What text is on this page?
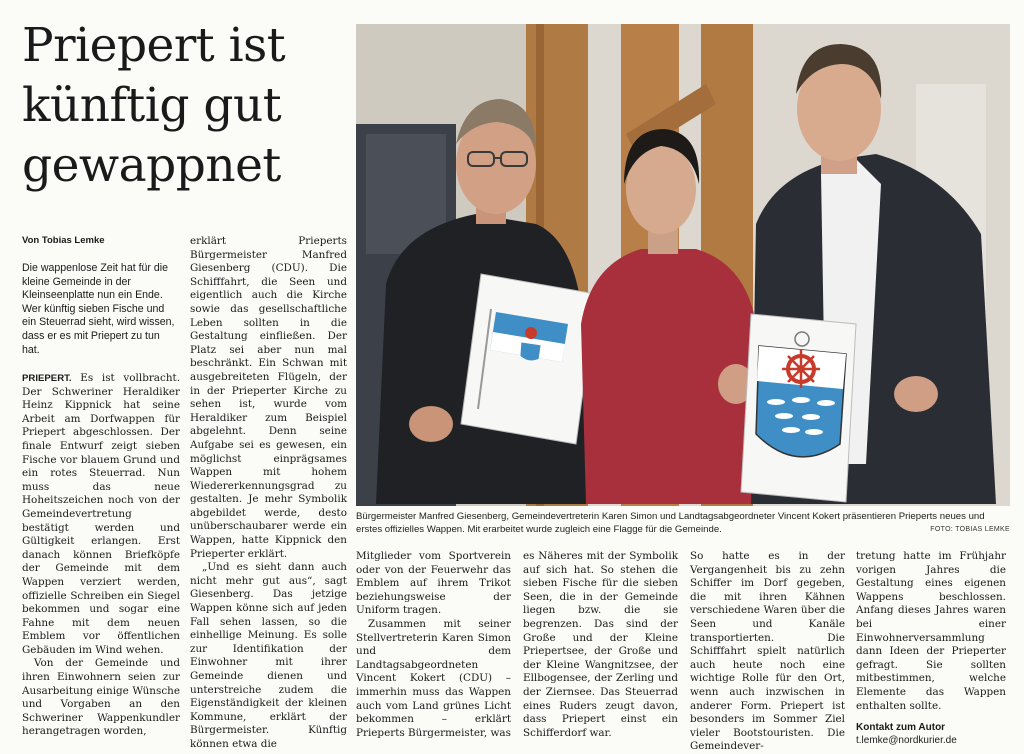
Priepert ist
künftig gut
gewappnet
Von Tobias Lemke
Die wappenlose Zeit hat für die kleine Gemeinde in der Kleinseenplatte nun ein Ende. Wer künftig sieben Fische und ein Steuerrad sieht, wird wissen, dass er es mit Priepert zu tun hat.

PRIEPERT. Es ist vollbracht. Der Schweriner Heraldiker Heinz Kippnick hat seine Arbeit am Dorfwappen für Priepert abgeschlossen. Der finale Entwurf zeigt sieben Fische vor blauem Grund und ein rotes Steuerrad. Nun muss das neue Hoheitszeichen noch von der Gemeindevertretung bestätigt werden und Gültigkeit erlangen. Erst danach können Briefköpfe der Gemeinde mit dem Wappen verziert werden, offizielle Schreiben ein Siegel bekommen und sogar eine Fahne mit dem neuen Emblem vor öffentlichen Gebäuden im Wind wehen.

Von der Gemeinde und ihren Einwohnern seien zur Ausarbeitung einige Wünsche und Vorgaben an den Schweriner Wappenkundler herangetragen worden,

erklärt Prieperts Bürgermeister Manfred Giesenberg (CDU). Die Schifffahrt, die Seen und eigentlich auch die Kirche sowie das gesellschaftliche Leben sollten in die Gestaltung einfließen. Der Platz sei aber nun mal beschränkt. Ein Schwan mit ausgebreiteten Flügeln, der in der Prieperter Kirche zu sehen ist, wurde vom Heraldiker zum Beispiel abgelehnt. Denn seine Aufgabe sei es gewesen, ein möglichst einprägsames Wappen mit hohem Wiedererkennungsgrad zu gestalten. Je mehr Symbolik abgebildet werde, desto unüberschaubarer werde ein Wappen, hatte Kippnick den Prieperter erklärt.

„Und es sieht dann auch nicht mehr gut aus“, sagt Giesenberg. Das jetzige Wappen könne sich auf jeden Fall sehen lassen, so die einhellige Meinung. Es solle zur Identifikation der Einwohner mit ihrer Gemeinde dienen und unterstreiche zudem die Eigenständigkeit der kleinen Kommune, erklärt der Bürgermeister. Künftig können etwa die

Bürgermeister Manfred Giesenberg, Gemeindevertreterin Karen Simon und Landtagsabgeordneter Vincent Kokert präsentieren Prieperts neues und erstes offizielles Wappen. Mit erarbeitet wurde zugleich eine Flagge für die Gemeinde.	FOTO: TOBIAS LEMKE

Mitglieder vom Sportverein oder von der Feuerwehr das Emblem auf ihrem Trikot beziehungsweise der Uniform tragen.

Zusammen mit seiner Stellvertreterin Karen Simon und dem Landtagsabgeordneten Vincent Kokert (CDU) – immerhin muss das Wappen auch vom Land grünes Licht bekommen – erklärt Prieperts Bürgermeister, was

es Näheres mit der Symbolik auf sich hat. So stehen die sieben Fische für die sieben Seen, die in der Gemeinde liegen bzw. die sie begrenzen. Das sind der Große und der Kleine Priepertsee, der Große und der Kleine Wangnitzsee, der Ellbogensee, der Zerling und der Ziernsee. Das Steuerrad eines Ruders zeugt davon, dass Priepert einst ein Schifferdorf war.

So hatte es in der Vergangenheit bis zu zehn Schiffer im Dorf gegeben, die mit ihren Kähnen verschiedene Waren über die Seen und Kanäle transportierten. Die Schifffahrt spielt natürlich auch heute noch eine wichtige Rolle für den Ort, wenn auch inzwischen in anderer Form. Priepert ist besonders im Sommer Ziel vieler Bootstouristen. Die Gemeindever-

tretung hatte im Frühjahr vorigen Jahres die Gestaltung eines eigenen Wappens beschlossen. Anfang dieses Jahres waren bei einer Einwohnerversammlung dann Ideen der Prieperter gefragt. Sie sollten mitbestimmen, welche Elemente das Wappen enthalten sollte.

Kontakt zum Autor
t.lemke@nordkurier.de
